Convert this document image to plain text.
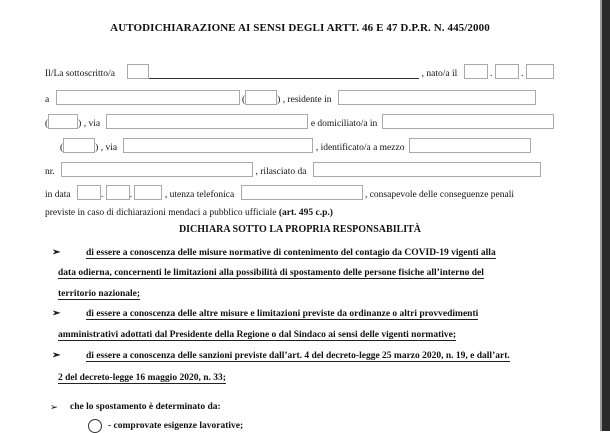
AUTODICHIARAZIONE AI SENSI DEGLI ARTT. 46 E 47 D.P.R. N. 445/2000
Il/La sottoscritto/a	, nato/a il	.	.
a	(	) , residente in
(	) , via	e domiciliato/a in
(	) , via	, identificato/a a mezzo
nr.	, rilasciato da
in data	.	.	, utenza telefonica	, consapevole delle conseguenze penali
previste in caso di dichiarazioni mendaci a pubblico ufficiale (art. 495 c.p.)
DICHIARA SOTTO LA PROPRIA RESPONSABILITÀ
➢	di essere a conoscenza delle misure normative di contenimento del contagio da COVID-19 vigenti alla
data odierna, concernenti le limitazioni alla possibilità di spostamento delle persone fisiche all’interno del
territorio nazionale;
➢	di essere a conoscenza delle altre misure e limitazioni previste da ordinanze o altri provvedimenti
amministrativi adottati dal Presidente della Regione o dal Sindaco ai sensi delle vigenti normative;
➢	di essere a conoscenza delle sanzioni previste dall’art. 4 del decreto-legge 25 marzo 2020, n. 19, e dall’art.
2 del decreto-legge 16 maggio 2020, n. 33;
➢ che lo spostamento è determinato da:
- comprovate esigenze lavorative;
